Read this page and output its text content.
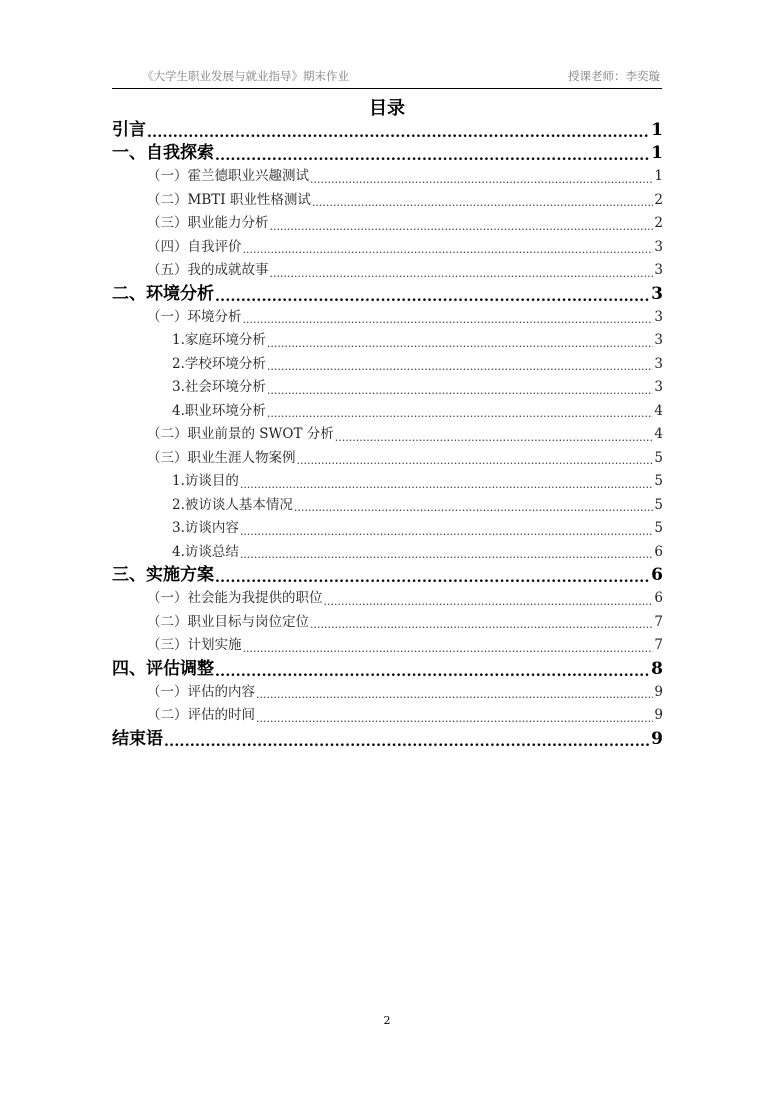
《大学生职业发展与就业指导》期末作业	授课老师：李奕璇
目录
引言 .....	1
一、自我探索 .....	1
（一）霍兰德职业兴趣测试 .....	1
（二）MBTI 职业性格测试 .....	2
（三）职业能力分析 .....	2
（四）自我评价 .....	3
（五）我的成就故事 .....	3
二、环境分析 .....	3
（一）环境分析 .....	3
1.家庭环境分析 .....	3
2.学校环境分析 .....	3
3.社会环境分析 .....	3
4.职业环境分析 .....	4
（二）职业前景的 SWOT 分析 .....	4
（三）职业生涯人物案例 .....	5
1.访谈目的 .....	5
2.被访谈人基本情况 .....	5
3.访谈内容 .....	5
4.访谈总结 .....	6
三、实施方案 .....	6
（一）社会能为我提供的职位 .....	6
（二）职业目标与岗位定位 .....	7
（三）计划实施 .....	7
四、评估调整 .....	8
（一）评估的内容 .....	9
（二）评估的时间 .....	9
结束语 .....	9
2
